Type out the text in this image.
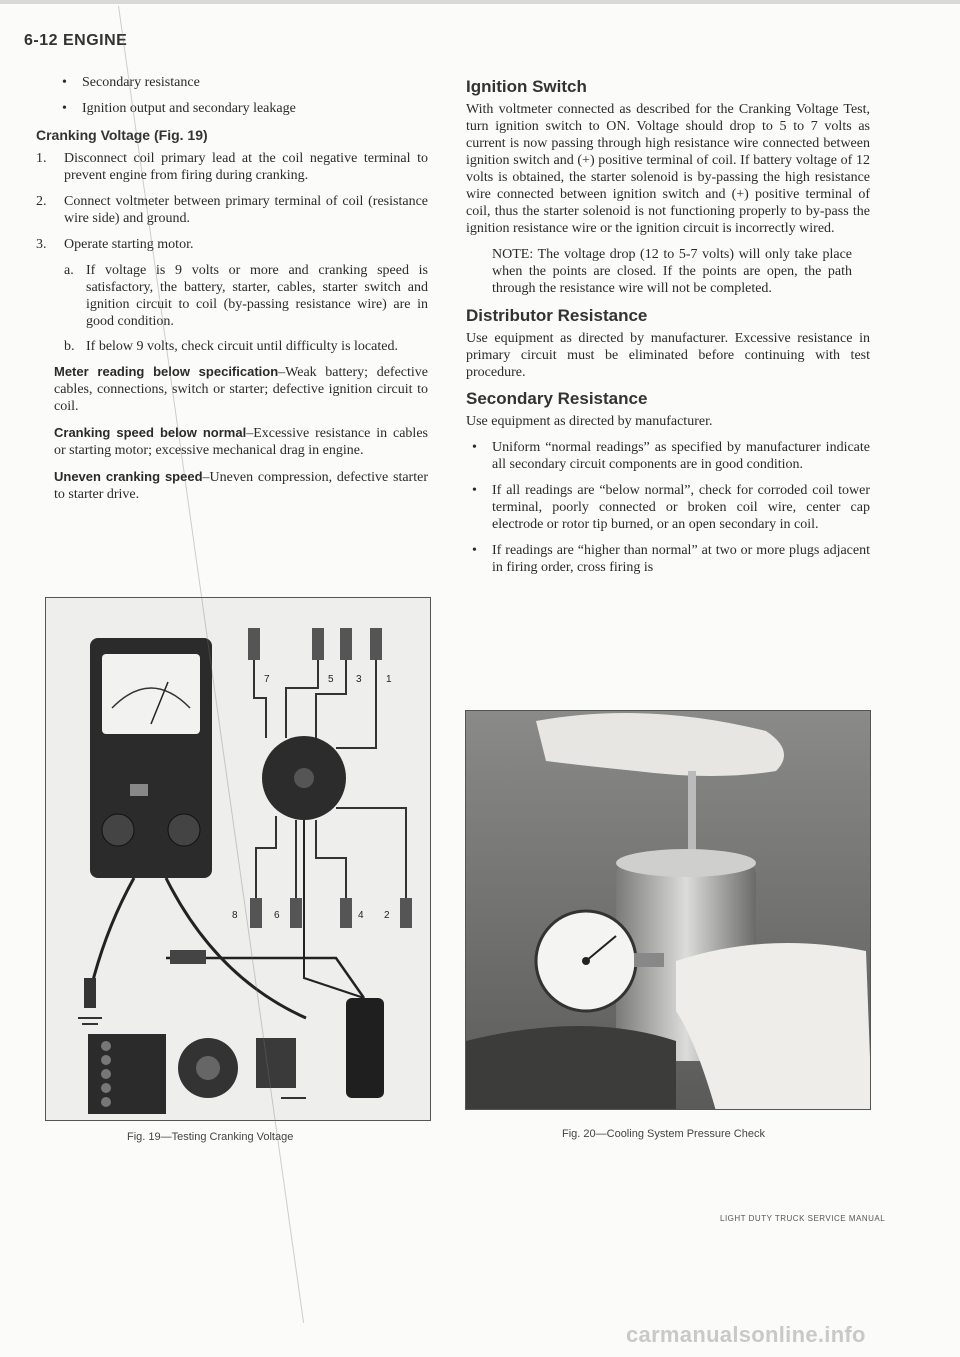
6-12 ENGINE
• Secondary resistance
• Ignition output and secondary leakage
Cranking Voltage (Fig. 19)
1. Disconnect coil primary lead at the coil negative terminal to prevent engine from firing during cranking.
2. Connect voltmeter between primary terminal of coil (resistance wire side) and ground.
3. Operate starting motor.
a. If voltage is 9 volts or more and cranking speed is satisfactory, the battery, starter, cables, starter switch and ignition circuit to coil (by-passing resistance wire) are in good condition.
b. If below 9 volts, check circuit until difficulty is located.
Meter reading below specification–Weak battery; defective cables, connections, switch or starter; defective ignition circuit to coil.
Cranking speed below normal–Excessive resistance in cables or starting motor; excessive mechanical drag in engine.
Uneven cranking speed–Uneven compression, defective starter to starter drive.
7	5 3 1
8	6	4 2
Fig. 19—Testing Cranking Voltage
Ignition Switch
With voltmeter connected as described for the Cranking Voltage Test, turn ignition switch to ON. Voltage should drop to 5 to 7 volts as current is now passing through high resistance wire connected between ignition switch and (+) positive terminal of coil. If battery voltage of 12 volts is obtained, the starter solenoid is by-passing the high resistance wire connected between ignition switch and (+) positive terminal of coil, thus the starter solenoid is not functioning properly to by-pass the ignition resistance wire or the ignition circuit is incorrectly wired.
NOTE: The voltage drop (12 to 5-7 volts) will only take place when the points are closed. If the points are open, the path through the resistance wire will not be completed.
Distributor Resistance
Use equipment as directed by manufacturer. Excessive resistance in primary circuit must be eliminated before continuing with test procedure.
Secondary Resistance
Use equipment as directed by manufacturer.
• Uniform “normal readings” as specified by manufacturer indicate all secondary circuit components are in good condition.
• If all readings are “below normal”, check for corroded coil tower terminal, poorly connected or broken coil wire, center cap electrode or rotor tip burned, or an open secondary in coil.
• If readings are “higher than normal” at two or more plugs adjacent in firing order, cross firing is
Fig. 20—Cooling System Pressure Check
LIGHT DUTY TRUCK SERVICE MANUAL
carmanualsonline.info
